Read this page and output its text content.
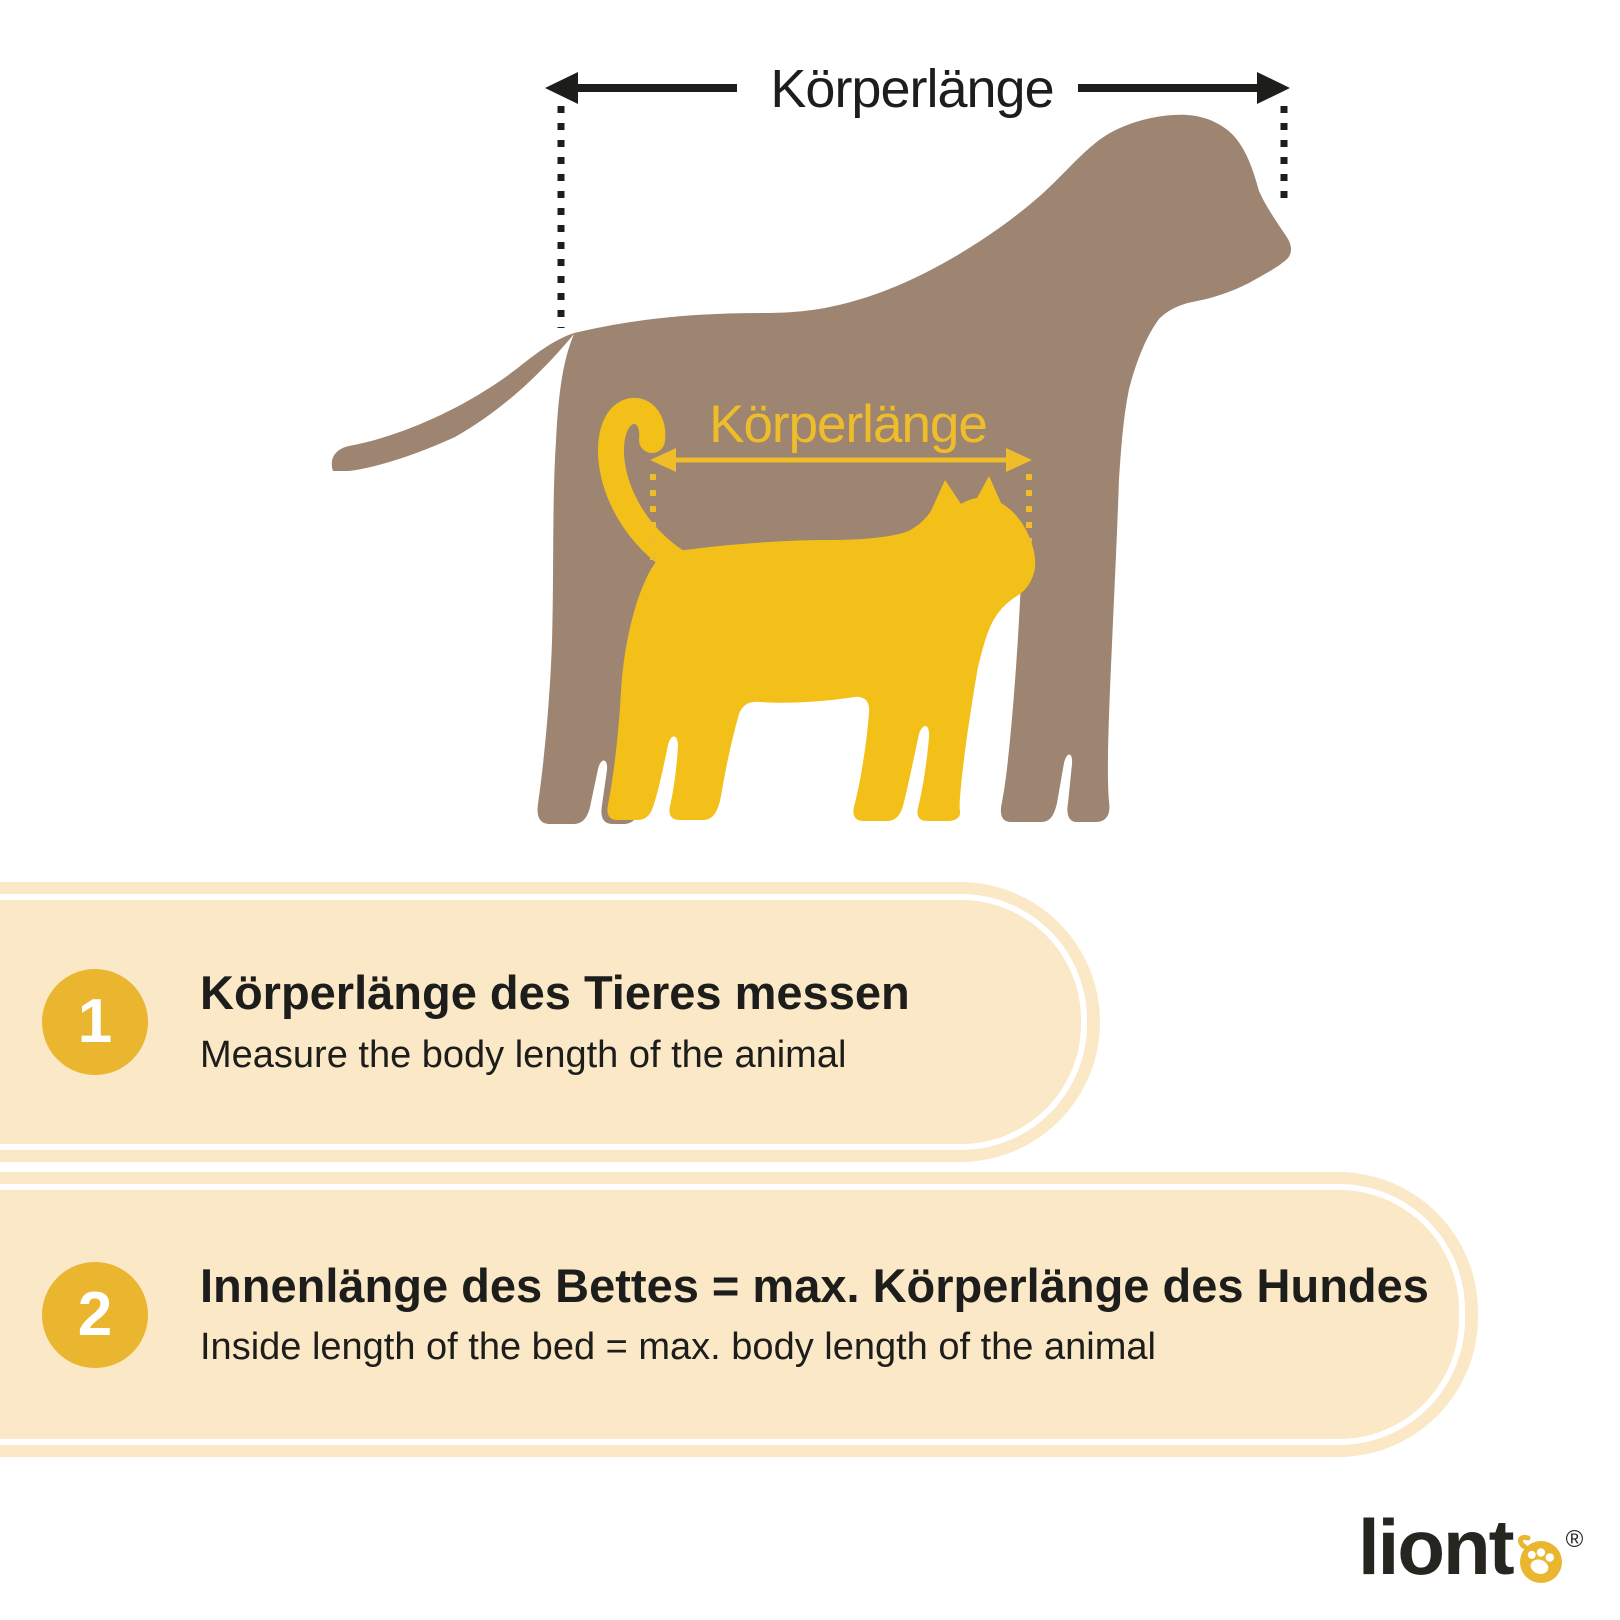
Körperlänge
Körperlänge
1 Körperlänge des Tieres messen
Measure the body length of the animal
2 Innenlänge des Bettes = max. Körperlänge des Hundes
Inside length of the bed = max. body length of the animal
liont ®
